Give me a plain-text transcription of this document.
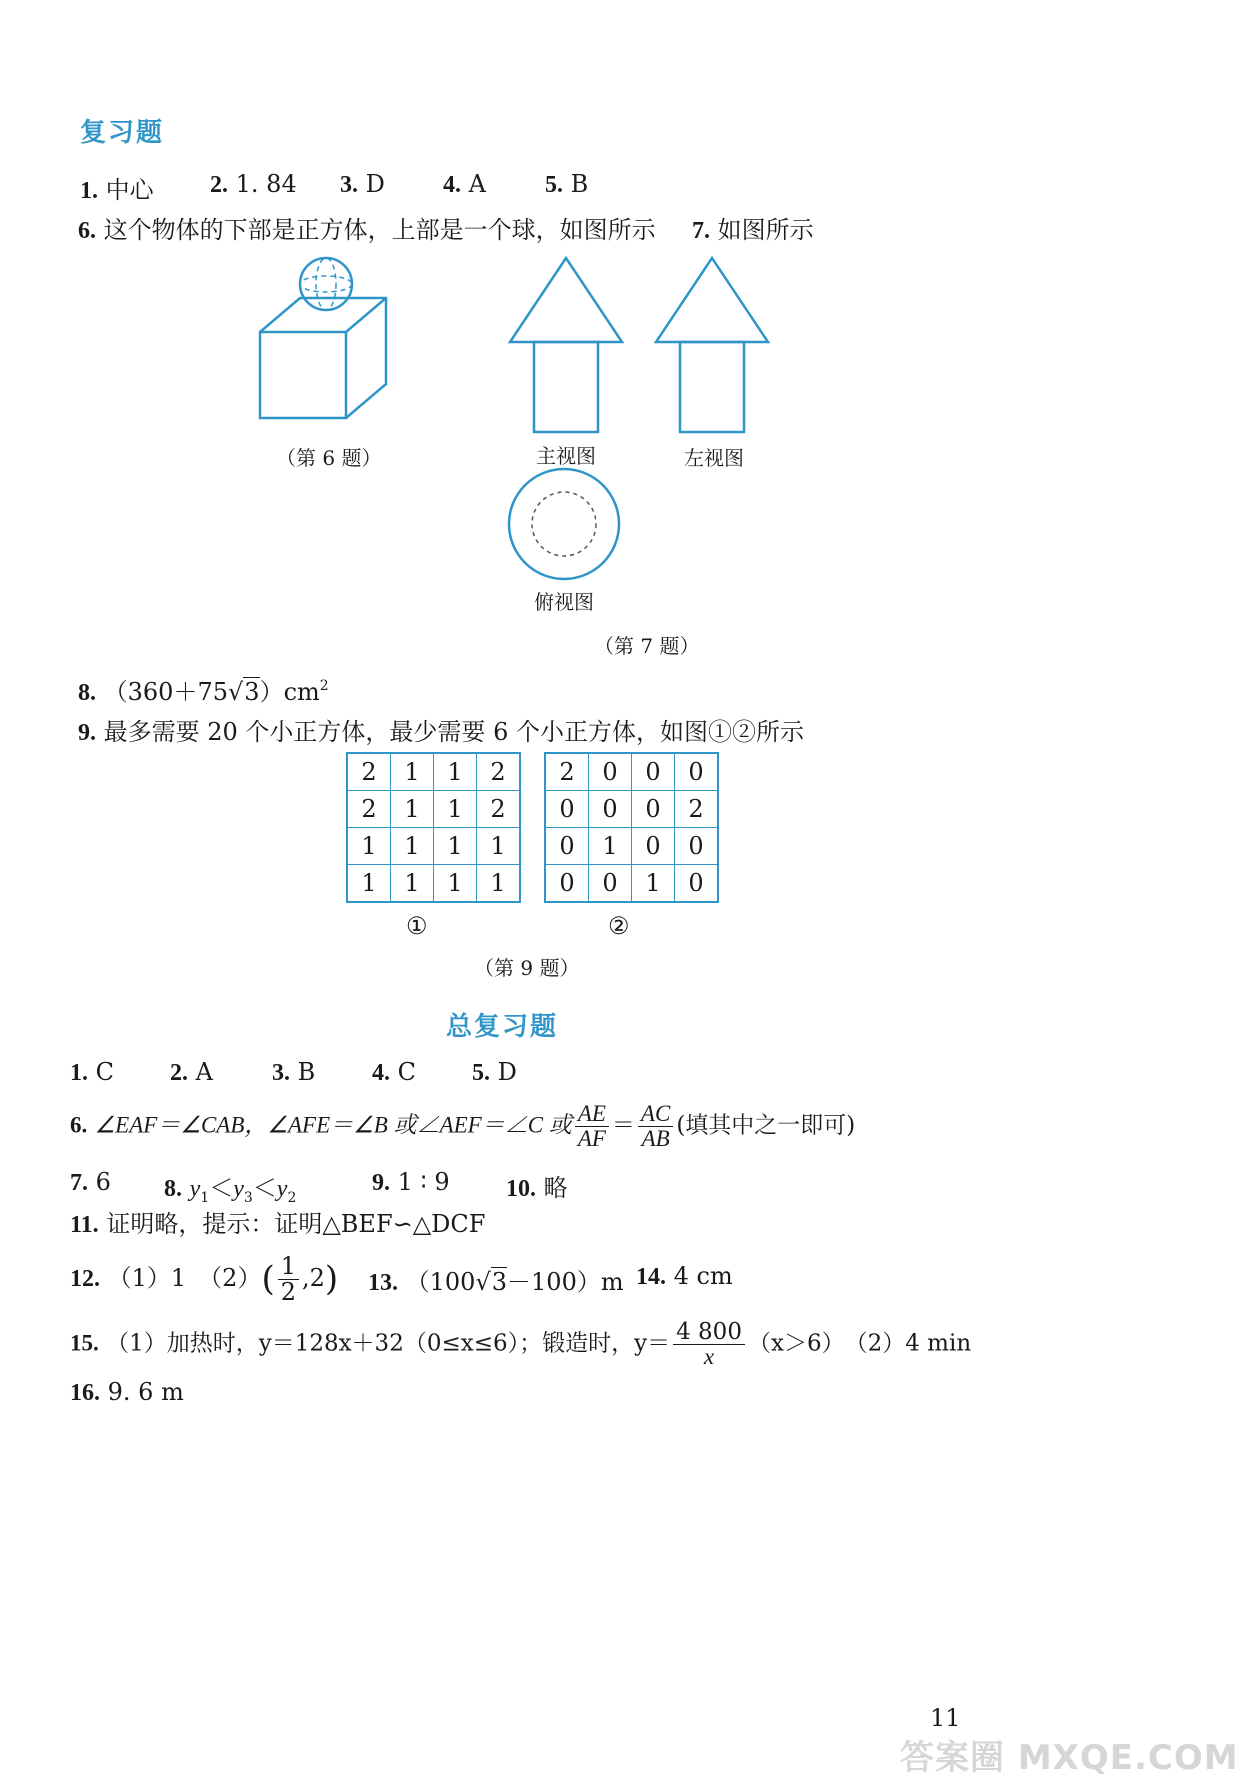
复习题
1. 中心 2. 1. 84 3. D 4. A 5. B
6. 这个物体的下部是正方体，上部是一个球，如图所示 7. 如图所示
（第 6 题）	主视图	左视图
俯视图
（第 7 题）
8. $(360+75√3)cm^2$
9. 最多需要 20 个小正方体，最少需要 6 个小正方体，如图①②所示
2	1	1	2
2	1	1	2
1	1	1	1
1	1	1	1
2	0	0	0
0	0	0	2
0	1	0	0
0	0	1	0
①	②
（第 9 题）
总复习题
1. C 2. A 3. B 4. C 5. D
6. ∠EAF＝∠CAB，∠AFE＝∠B 或∠AEF＝∠C 或 $\frac{AE}{AF} = \frac{AC}{AB}$ (填其中之一即可)
7. 6 8. $y_1<y_3<y_2$
9. 1 ∶ 9 10. 略
11. 证明略，提示：证明△BEF∽△DCF
12. （1）1　$(2)( \frac{1}{2} ,2)$ 13. （100√3－100）m 14. 4 cm
15. （1）加热时，y＝128x＋32（0≤x≤6）；锻造时，$y= \frac{4 800}{x} (x>6)$　（2）4 min
16. 9. 6 m
11
答案圈 MXQE.COM
